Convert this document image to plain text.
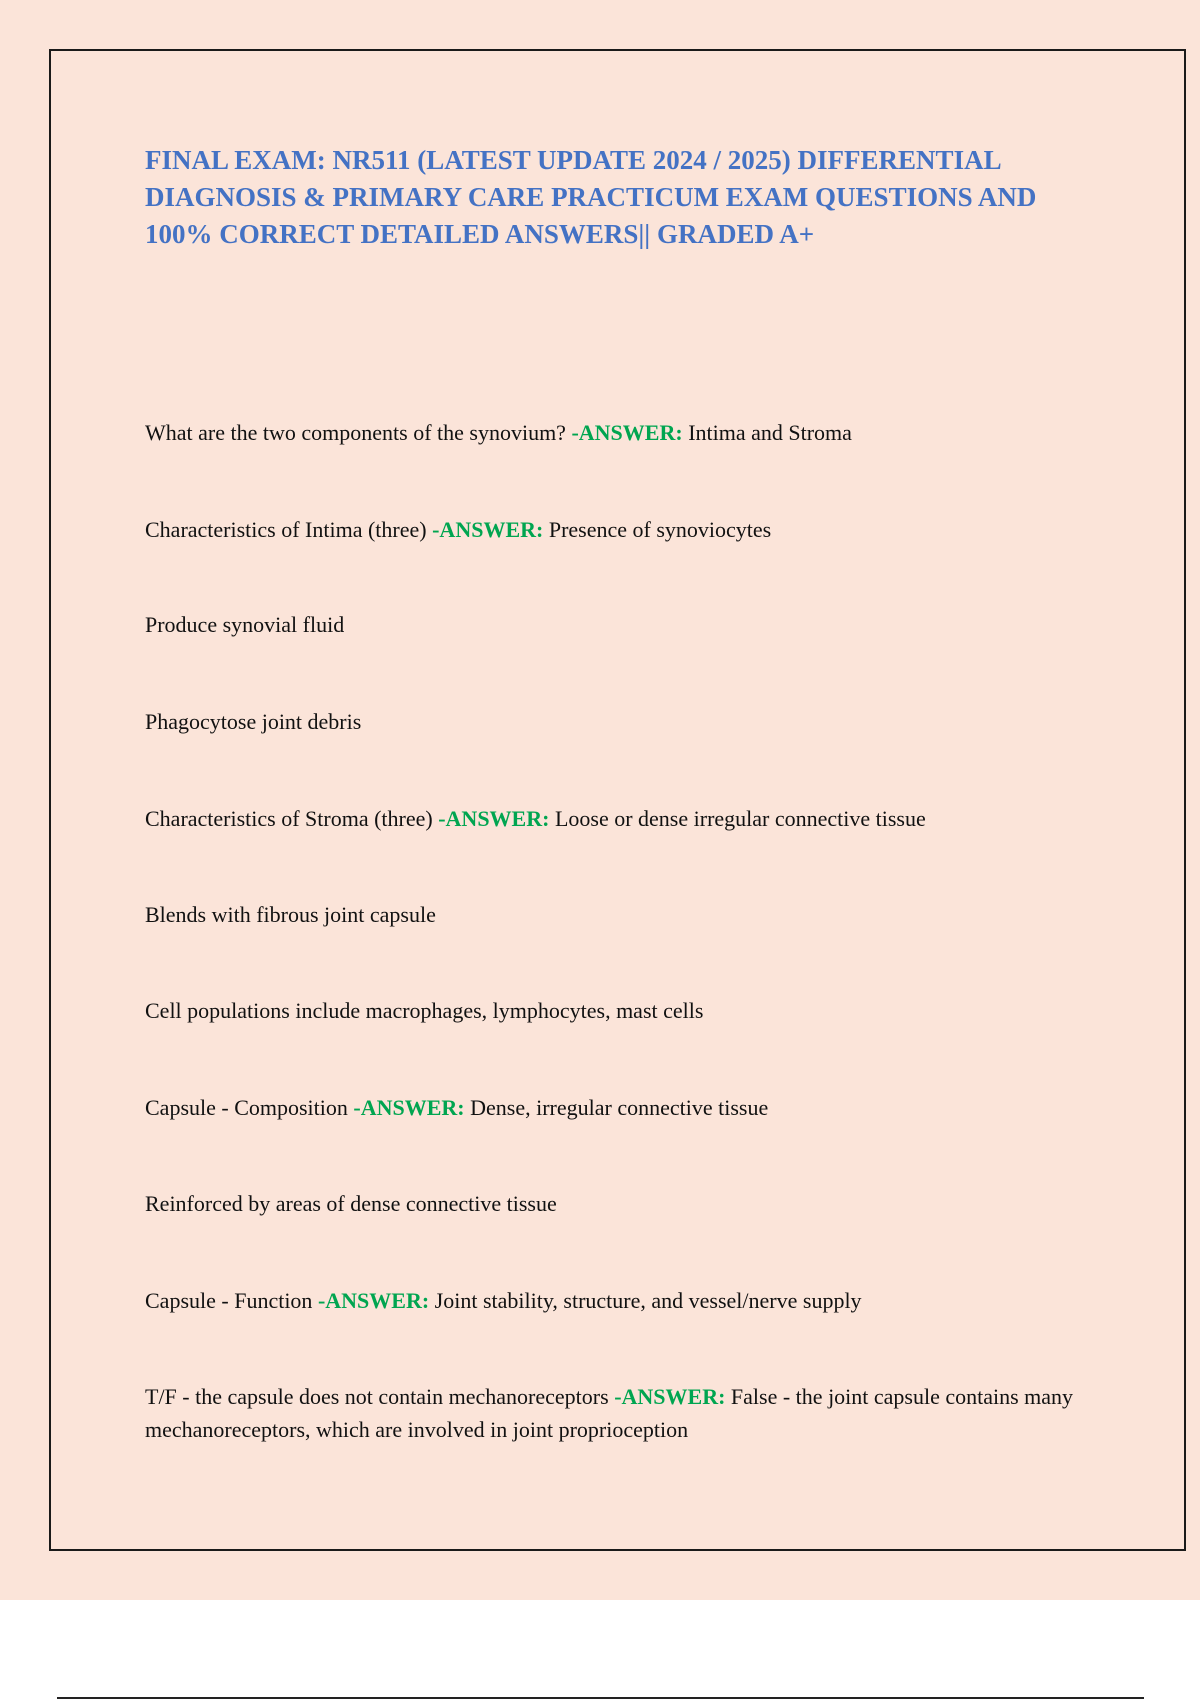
FINAL EXAM: NR511 (LATEST UPDATE 2024 / 2025) DIFFERENTIAL DIAGNOSIS & PRIMARY CARE PRACTICUM EXAM QUESTIONS AND 100% CORRECT DETAILED ANSWERS|| GRADED A+

What are the two components of the synovium? -ANSWER: Intima and Stroma

Characteristics of Intima (three) -ANSWER: Presence of synoviocytes

Produce synovial fluid

Phagocytose joint debris

Characteristics of Stroma (three) -ANSWER: Loose or dense irregular connective tissue

Blends with fibrous joint capsule

Cell populations include macrophages, lymphocytes, mast cells

Capsule - Composition -ANSWER: Dense, irregular connective tissue

Reinforced by areas of dense connective tissue

Capsule - Function -ANSWER: Joint stability, structure, and vessel/nerve supply

T/F - the capsule does not contain mechanoreceptors -ANSWER: False - the joint capsule contains many mechanoreceptors, which are involved in joint proprioception
